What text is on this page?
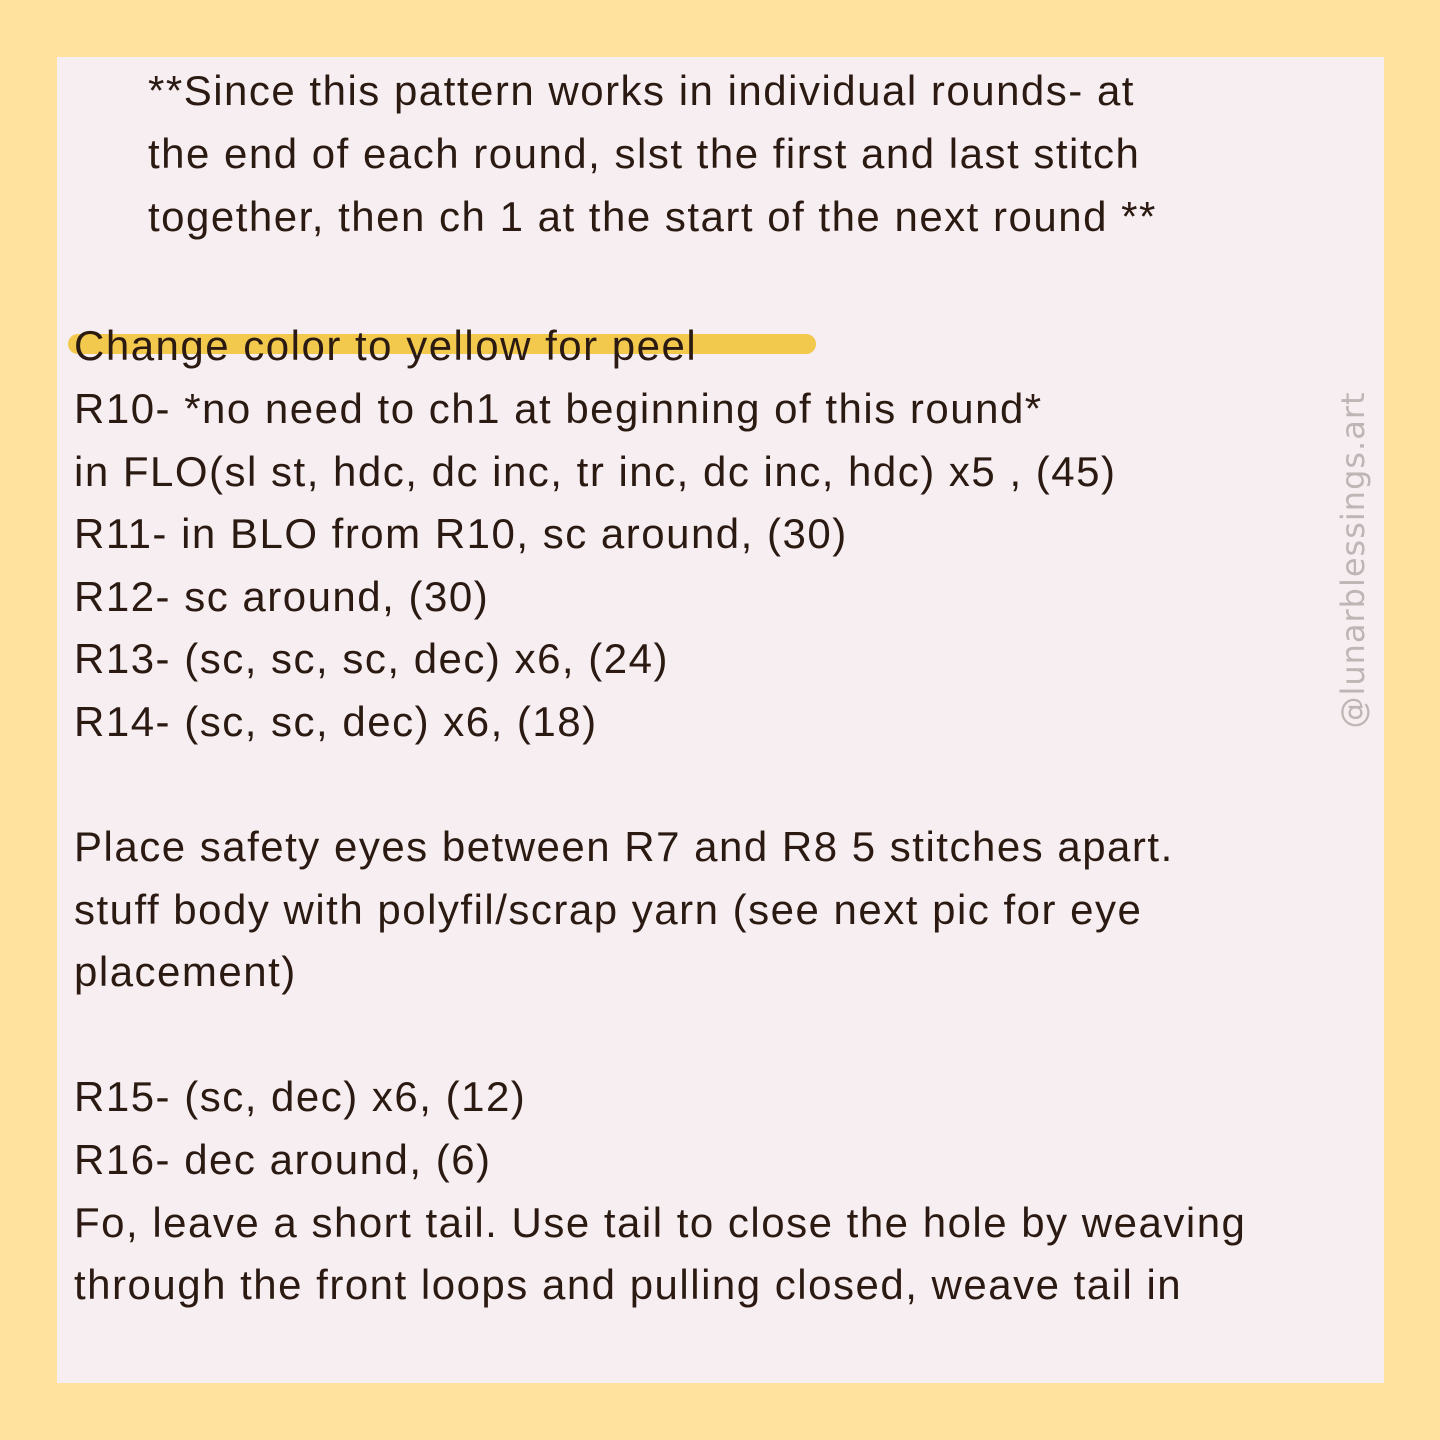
**Since this pattern works in individual rounds- at

the end of each round, slst the first and last stitch

together, then ch 1 at the start of the next round **

Change color to yellow for peel

R10- *no need to ch1 at beginning of this round*

in FLO(sl st, hdc, dc inc, tr inc, dc inc, hdc) x5 , (45)

R11- in BLO from R10, sc around, (30)

R12- sc around, (30)

R13- (sc, sc, sc, dec) x6, (24)

R14- (sc, sc, dec) x6, (18)

Place safety eyes between R7 and R8 5 stitches apart.

stuff body with polyfil/scrap yarn (see next pic for eye

placement)

R15- (sc, dec) x6, (12)

R16- dec around, (6)

Fo, leave a short tail. Use tail to close the hole by weaving

through the front loops and pulling closed, weave tail in

@lunarblessings.art
